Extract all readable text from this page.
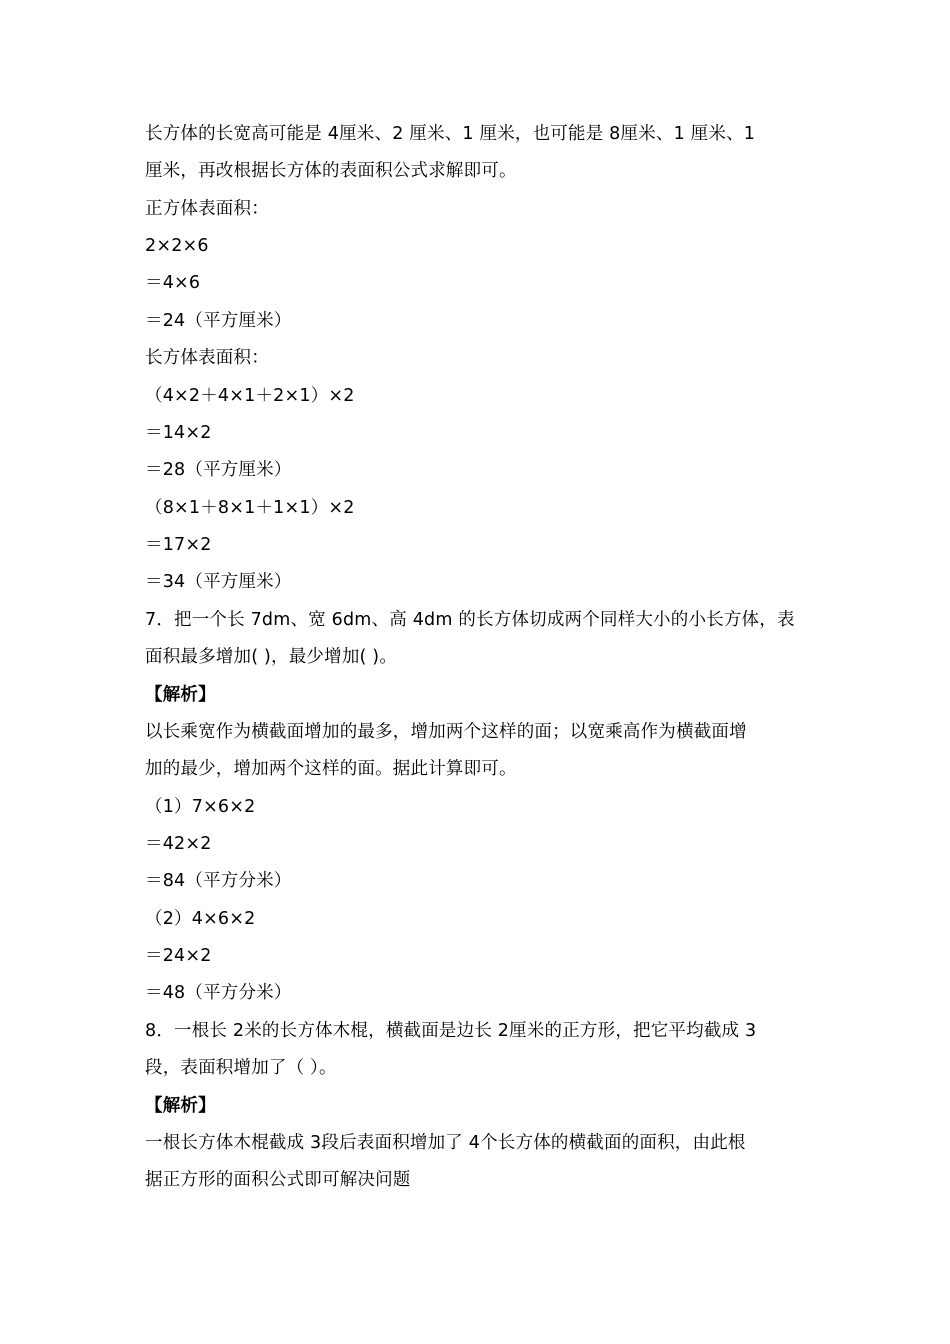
长方体的长宽高可能是 4厘米、2 厘米、1 厘米，也可能是 8厘米、1 厘米、1
厘米，再改根据长方体的表面积公式求解即可。
正方体表面积：
2×2×6
＝4×6
＝24（平方厘米）
长方体表面积：
（4×2＋4×1＋2×1）×2
＝14×2
＝28（平方厘米）
（8×1＋8×1＋1×1）×2
＝17×2
＝34（平方厘米）
7．把一个长 7dm、宽 6dm、高 4dm 的长方体切成两个同样大小的小长方体，表
面积最多增加( )，最少增加( )。
【解析】
以长乘宽作为横截面增加的最多，增加两个这样的面；以宽乘高作为横截面增
加的最少，增加两个这样的面。据此计算即可。
（1）7×6×2
＝42×2
＝84（平方分米）
（2）4×6×2
＝24×2
＝48（平方分米）
8．一根长 2米的长方体木棍，横截面是边长 2厘米的正方形，把它平均截成 3
段，表面积增加了（ ）。
【解析】
一根长方体木棍截成 3段后表面积增加了 4个长方体的横截面的面积，由此根
据正方形的面积公式即可解决问题
